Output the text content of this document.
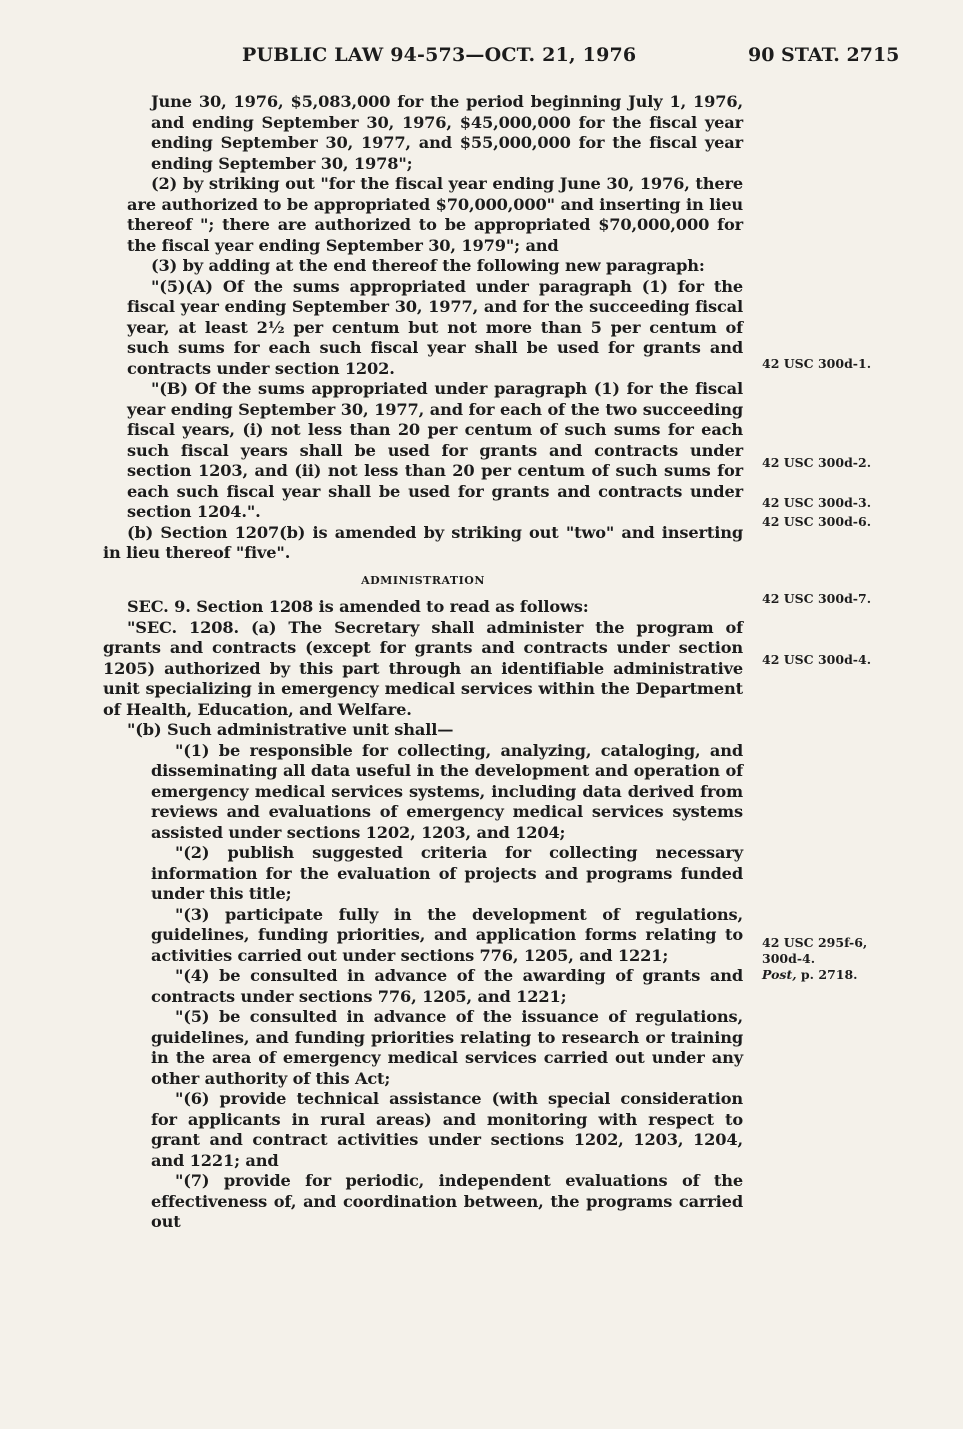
PUBLIC LAW 94-573—OCT. 21, 1976	90 STAT. 2715

June 30, 1976, $5,083,000 for the period beginning July 1, 1976, and ending September 30, 1976, $45,000,000 for the fiscal year ending September 30, 1977, and $55,000,000 for the fiscal year ending September 30, 1978";

(2) by striking out "for the fiscal year ending June 30, 1976, there are authorized to be appropriated $70,000,000" and inserting in lieu thereof "; there are authorized to be appropriated $70,000,000 for the fiscal year ending September 30, 1979"; and

(3) by adding at the end thereof the following new paragraph:

"(5)(A) Of the sums appropriated under paragraph (1) for the fiscal year ending September 30, 1977, and for the succeeding fiscal year, at least 2½ per centum but not more than 5 per centum of such sums for each such fiscal year shall be used for grants and contracts under section 1202.

"(B) Of the sums appropriated under paragraph (1) for the fiscal year ending September 30, 1977, and for each of the two succeeding fiscal years, (i) not less than 20 per centum of such sums for each such fiscal years shall be used for grants and contracts under section 1203, and (ii) not less than 20 per centum of such sums for each such fiscal year shall be used for grants and contracts under section 1204.".

(b) Section 1207(b) is amended by striking out "two" and inserting in lieu thereof "five".

ADMINISTRATION

SEC. 9. Section 1208 is amended to read as follows:

"SEC. 1208. (a) The Secretary shall administer the program of grants and contracts (except for grants and contracts under section 1205) authorized by this part through an identifiable administrative unit specializing in emergency medical services within the Department of Health, Education, and Welfare.

"(b) Such administrative unit shall—

"(1) be responsible for collecting, analyzing, cataloging, and disseminating all data useful in the development and operation of emergency medical services systems, including data derived from reviews and evaluations of emergency medical services systems assisted under sections 1202, 1203, and 1204;

"(2) publish suggested criteria for collecting necessary information for the evaluation of projects and programs funded under this title;

"(3) participate fully in the development of regulations, guidelines, funding priorities, and application forms relating to activities carried out under sections 776, 1205, and 1221;

"(4) be consulted in advance of the awarding of grants and contracts under sections 776, 1205, and 1221;

"(5) be consulted in advance of the issuance of regulations, guidelines, and funding priorities relating to research or training in the area of emergency medical services carried out under any other authority of this Act;

"(6) provide technical assistance (with special consideration for applicants in rural areas) and monitoring with respect to grant and contract activities under sections 1202, 1203, 1204, and 1221; and

"(7) provide for periodic, independent evaluations of the effectiveness of, and coordination between, the programs carried out

42 USC 300d-1.
42 USC 300d-2.
42 USC 300d-3.
42 USC 300d-6.
42 USC 300d-7.
42 USC 300d-4.
42 USC 295f-6,
300d-4.
Post, p. 2718.
